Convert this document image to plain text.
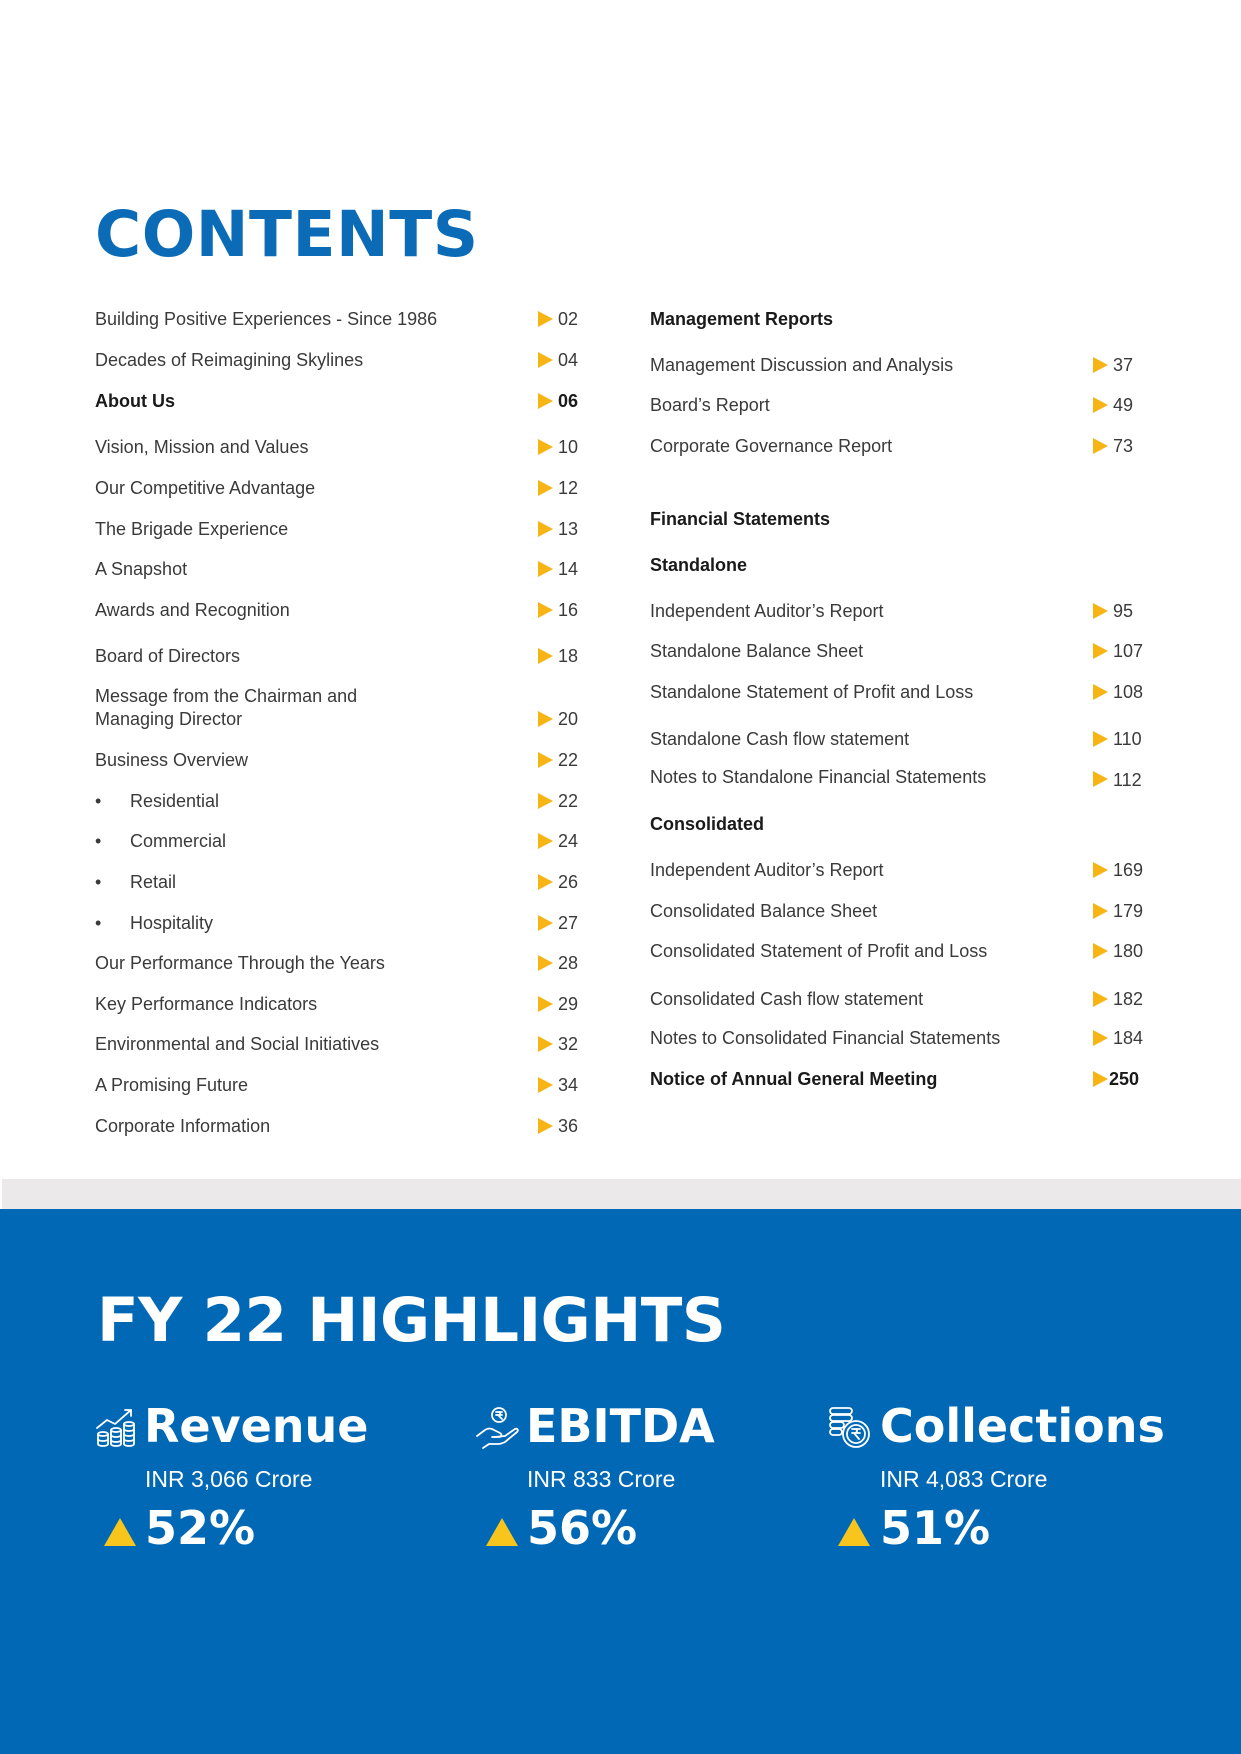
CONTENTS
Building Positive Experiences - Since 1986	02
Decades of Reimagining Skylines	04
About Us	06
Vision, Mission and Values	10
Our Competitive Advantage	12
The Brigade Experience	13
A Snapshot	14
Awards and Recognition	16
Board of Directors	18
Message from the Chairman and Managing Director	20
Business Overview	22
• Residential	22
• Commercial	24
• Retail	26
• Hospitality	27
Our Performance Through the Years	28
Key Performance Indicators	29
Environmental and Social Initiatives	32
A Promising Future	34
Corporate Information	36
Management Reports
Management Discussion and Analysis	37
Board’s Report	49
Corporate Governance Report	73
Financial Statements
Standalone
Independent Auditor’s Report	95
Standalone Balance Sheet	107
Standalone Statement of Profit and Loss	108
Standalone Cash flow statement	110
Notes to Standalone Financial Statements	112
Consolidated
Independent Auditor’s Report	169
Consolidated Balance Sheet	179
Consolidated Statement of Profit and Loss	180
Consolidated Cash flow statement	182
Notes to Consolidated Financial Statements	184
Notice of Annual General Meeting	250
FY 22 HIGHLIGHTS
Revenue
INR 3,066 Crore
52%
EBITDA
INR 833 Crore
56%
Collections
INR 4,083 Crore
51%
